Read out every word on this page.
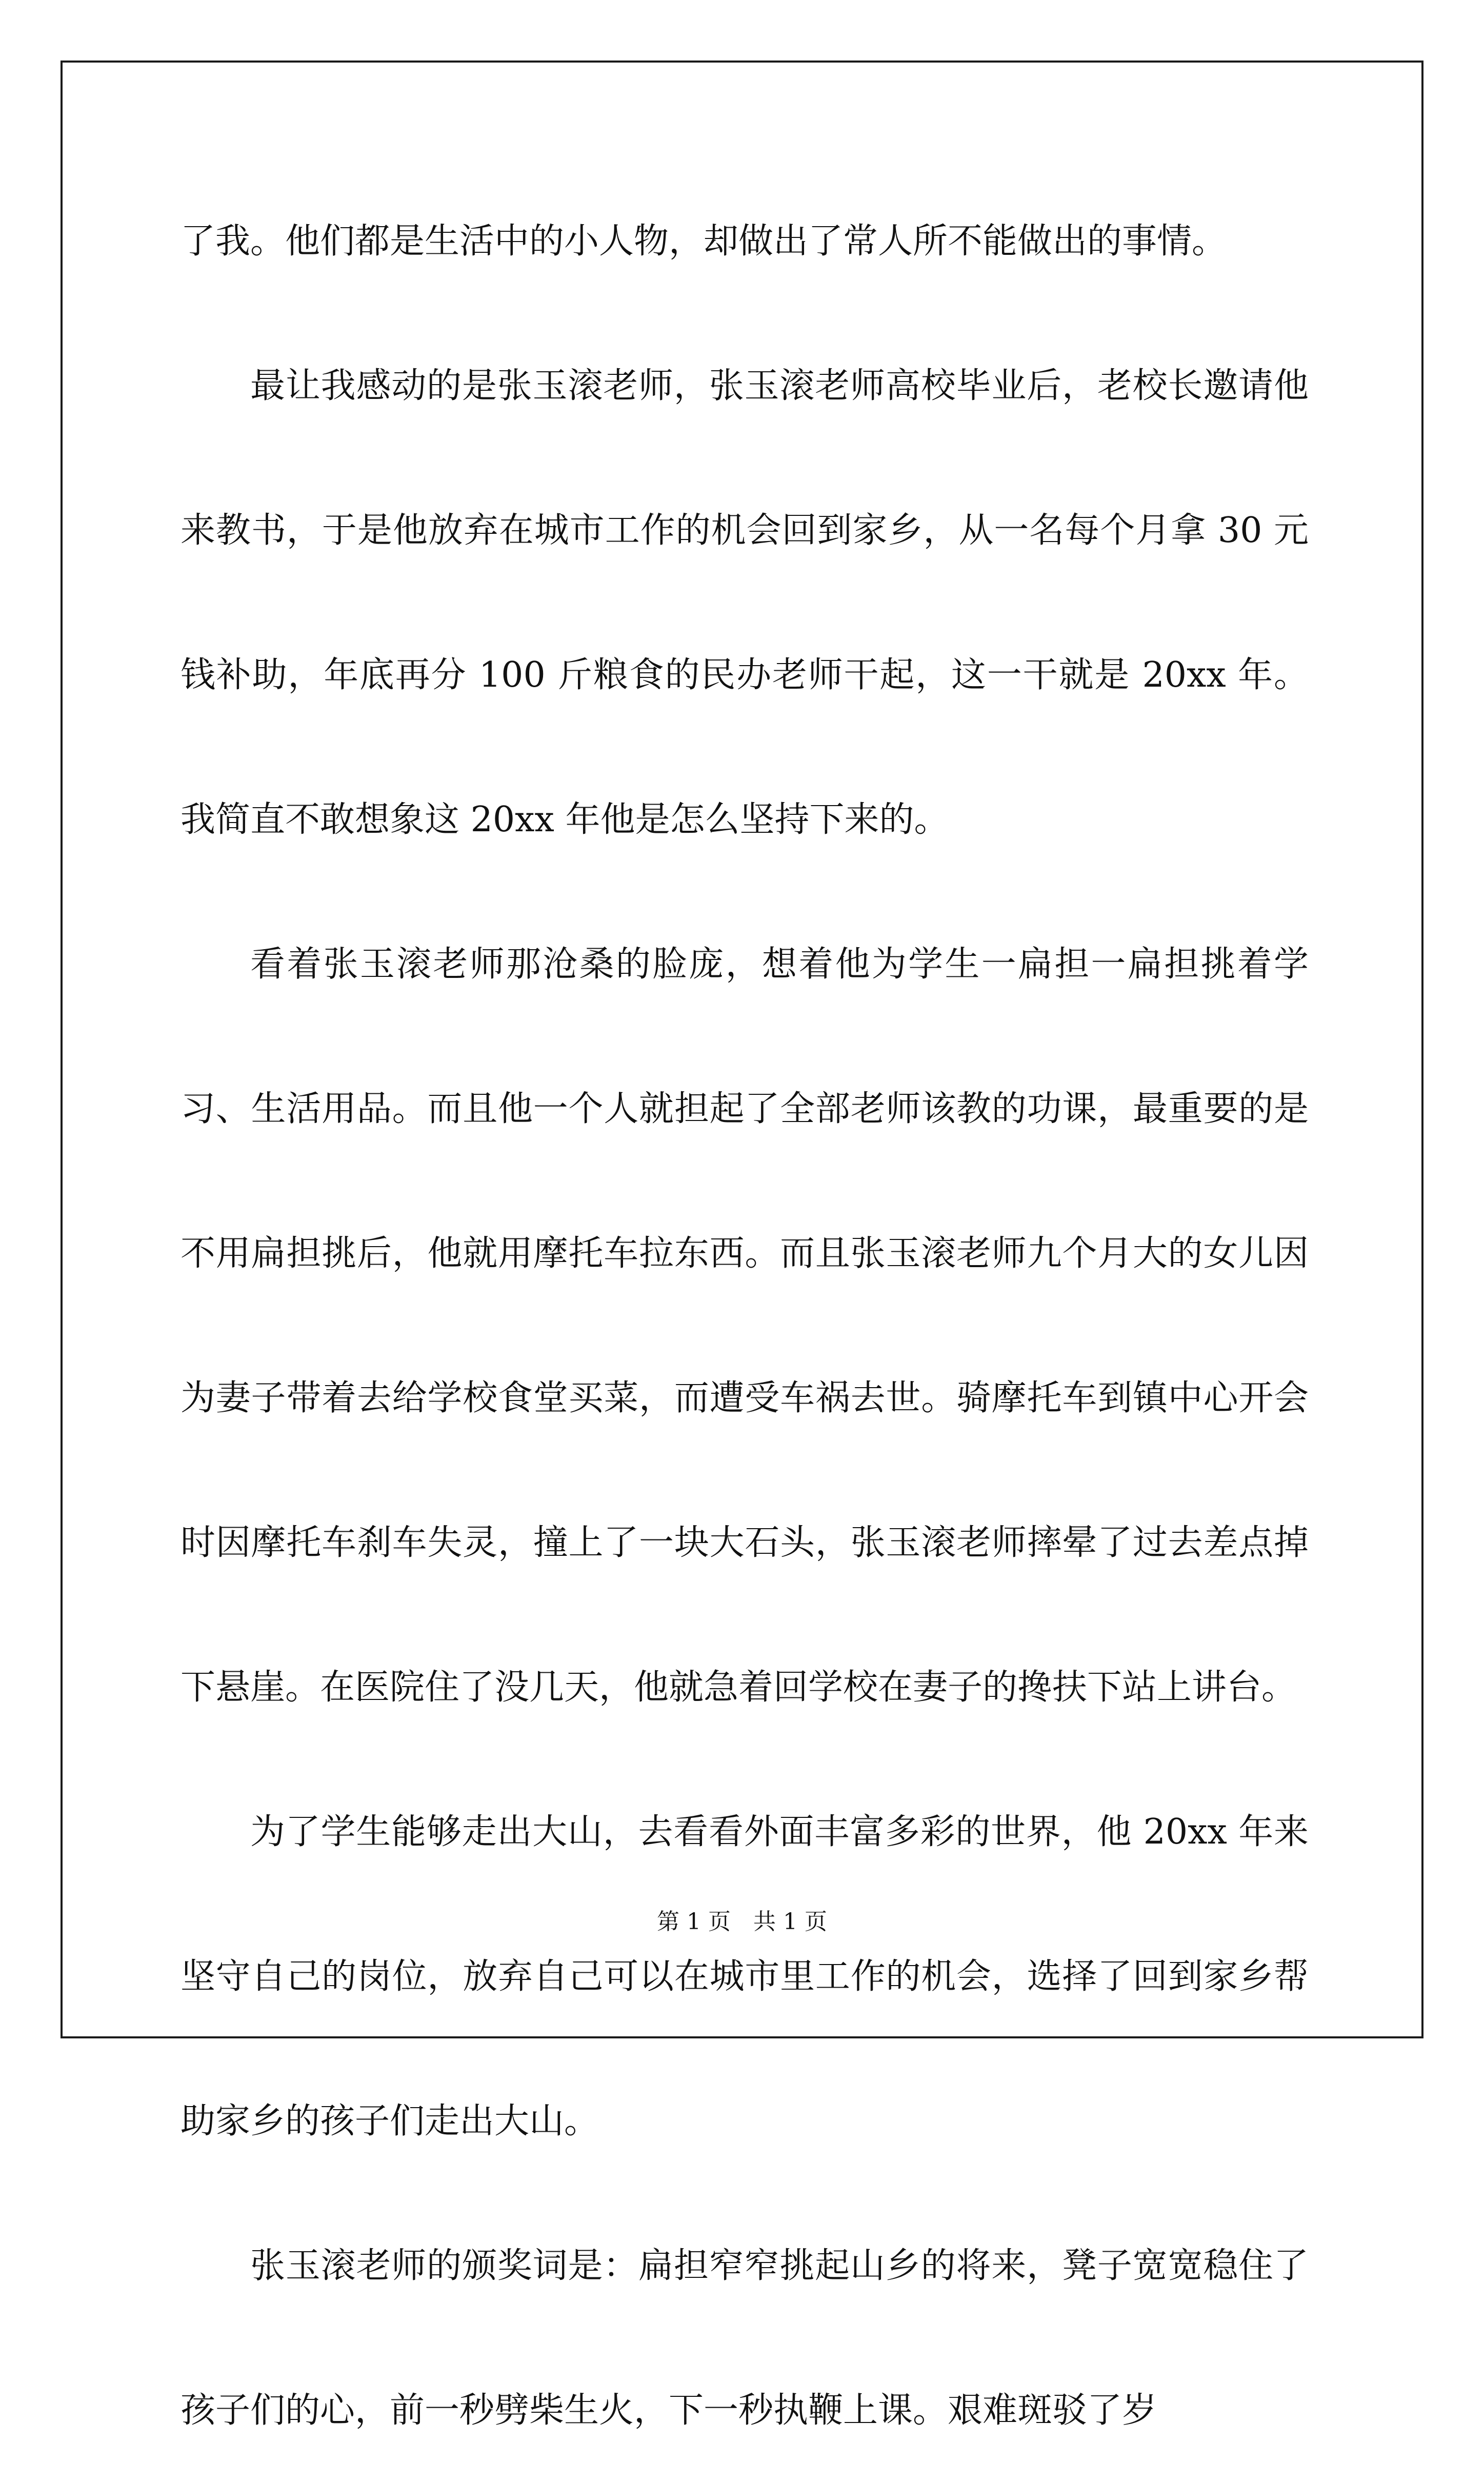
了我。他们都是生活中的小人物，却做出了常人所不能做出的事情。

最让我感动的是张玉滚老师，张玉滚老师高校毕业后，老校长邀请他来教书，于是他放弃在城市工作的机会回到家乡，从一名每个月拿 30 元钱补助，年底再分 100 斤粮食的民办老师干起，这一干就是 20xx 年。我简直不敢想象这 20xx 年他是怎么坚持下来的。

看着张玉滚老师那沧桑的脸庞，想着他为学生一扁担一扁担挑着学习、生活用品。而且他一个人就担起了全部老师该教的功课，最重要的是不用扁担挑后，他就用摩托车拉东西。而且张玉滚老师九个月大的女儿因为妻子带着去给学校食堂买菜，而遭受车祸去世。骑摩托车到镇中心开会时因摩托车刹车失灵，撞上了一块大石头，张玉滚老师摔晕了过去差点掉下悬崖。在医院住了没几天，他就急着回学校在妻子的搀扶下站上讲台。

为了学生能够走出大山，去看看外面丰富多彩的世界，他 20xx 年来坚守自己的岗位，放弃自己可以在城市里工作的机会，选择了回到家乡帮助家乡的孩子们走出大山。

张玉滚老师的颁奖词是：扁担窄窄挑起山乡的将来，凳子宽宽稳住了孩子们的心，前一秒劈柴生火，下一秒执鞭上课。艰难斑驳了岁

第 1 页　共 1 页
